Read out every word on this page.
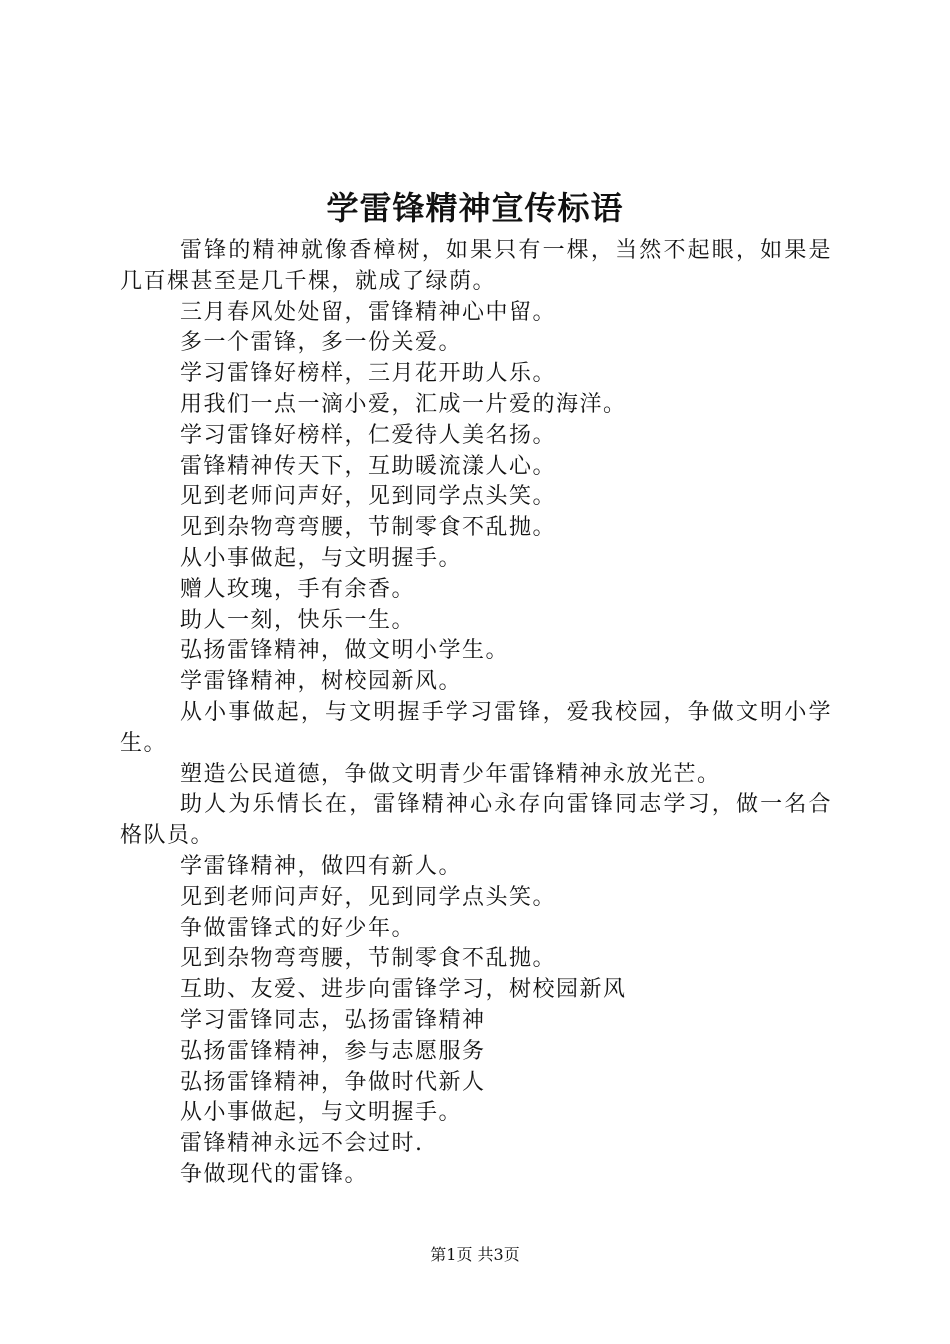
学雷锋精神宣传标语

雷锋的精神就像香樟树，如果只有一棵，当然不起眼，如果是几百棵甚至是几千棵，就成了绿荫。

三月春风处处留，雷锋精神心中留。

多一个雷锋，多一份关爱。

学习雷锋好榜样，三月花开助人乐。

用我们一点一滴小爱，汇成一片爱的海洋。

学习雷锋好榜样，仁爱待人美名扬。

雷锋精神传天下，互助暖流漾人心。

见到老师问声好，见到同学点头笑。

见到杂物弯弯腰，节制零食不乱抛。

从小事做起，与文明握手。

赠人玫瑰，手有余香。

助人一刻，快乐一生。

弘扬雷锋精神，做文明小学生。

学雷锋精神，树校园新风。

从小事做起，与文明握手学习雷锋，爱我校园，争做文明小学生。

塑造公民道德，争做文明青少年雷锋精神永放光芒。

助人为乐情长在，雷锋精神心永存向雷锋同志学习，做一名合格队员。

学雷锋精神，做四有新人。

见到老师问声好，见到同学点头笑。

争做雷锋式的好少年。

见到杂物弯弯腰，节制零食不乱抛。

互助、友爱、进步向雷锋学习，树校园新风

学习雷锋同志，弘扬雷锋精神

弘扬雷锋精神，参与志愿服务

弘扬雷锋精神，争做时代新人

从小事做起，与文明握手。

雷锋精神永远不会过时.

争做现代的雷锋。

第1页 共3页
